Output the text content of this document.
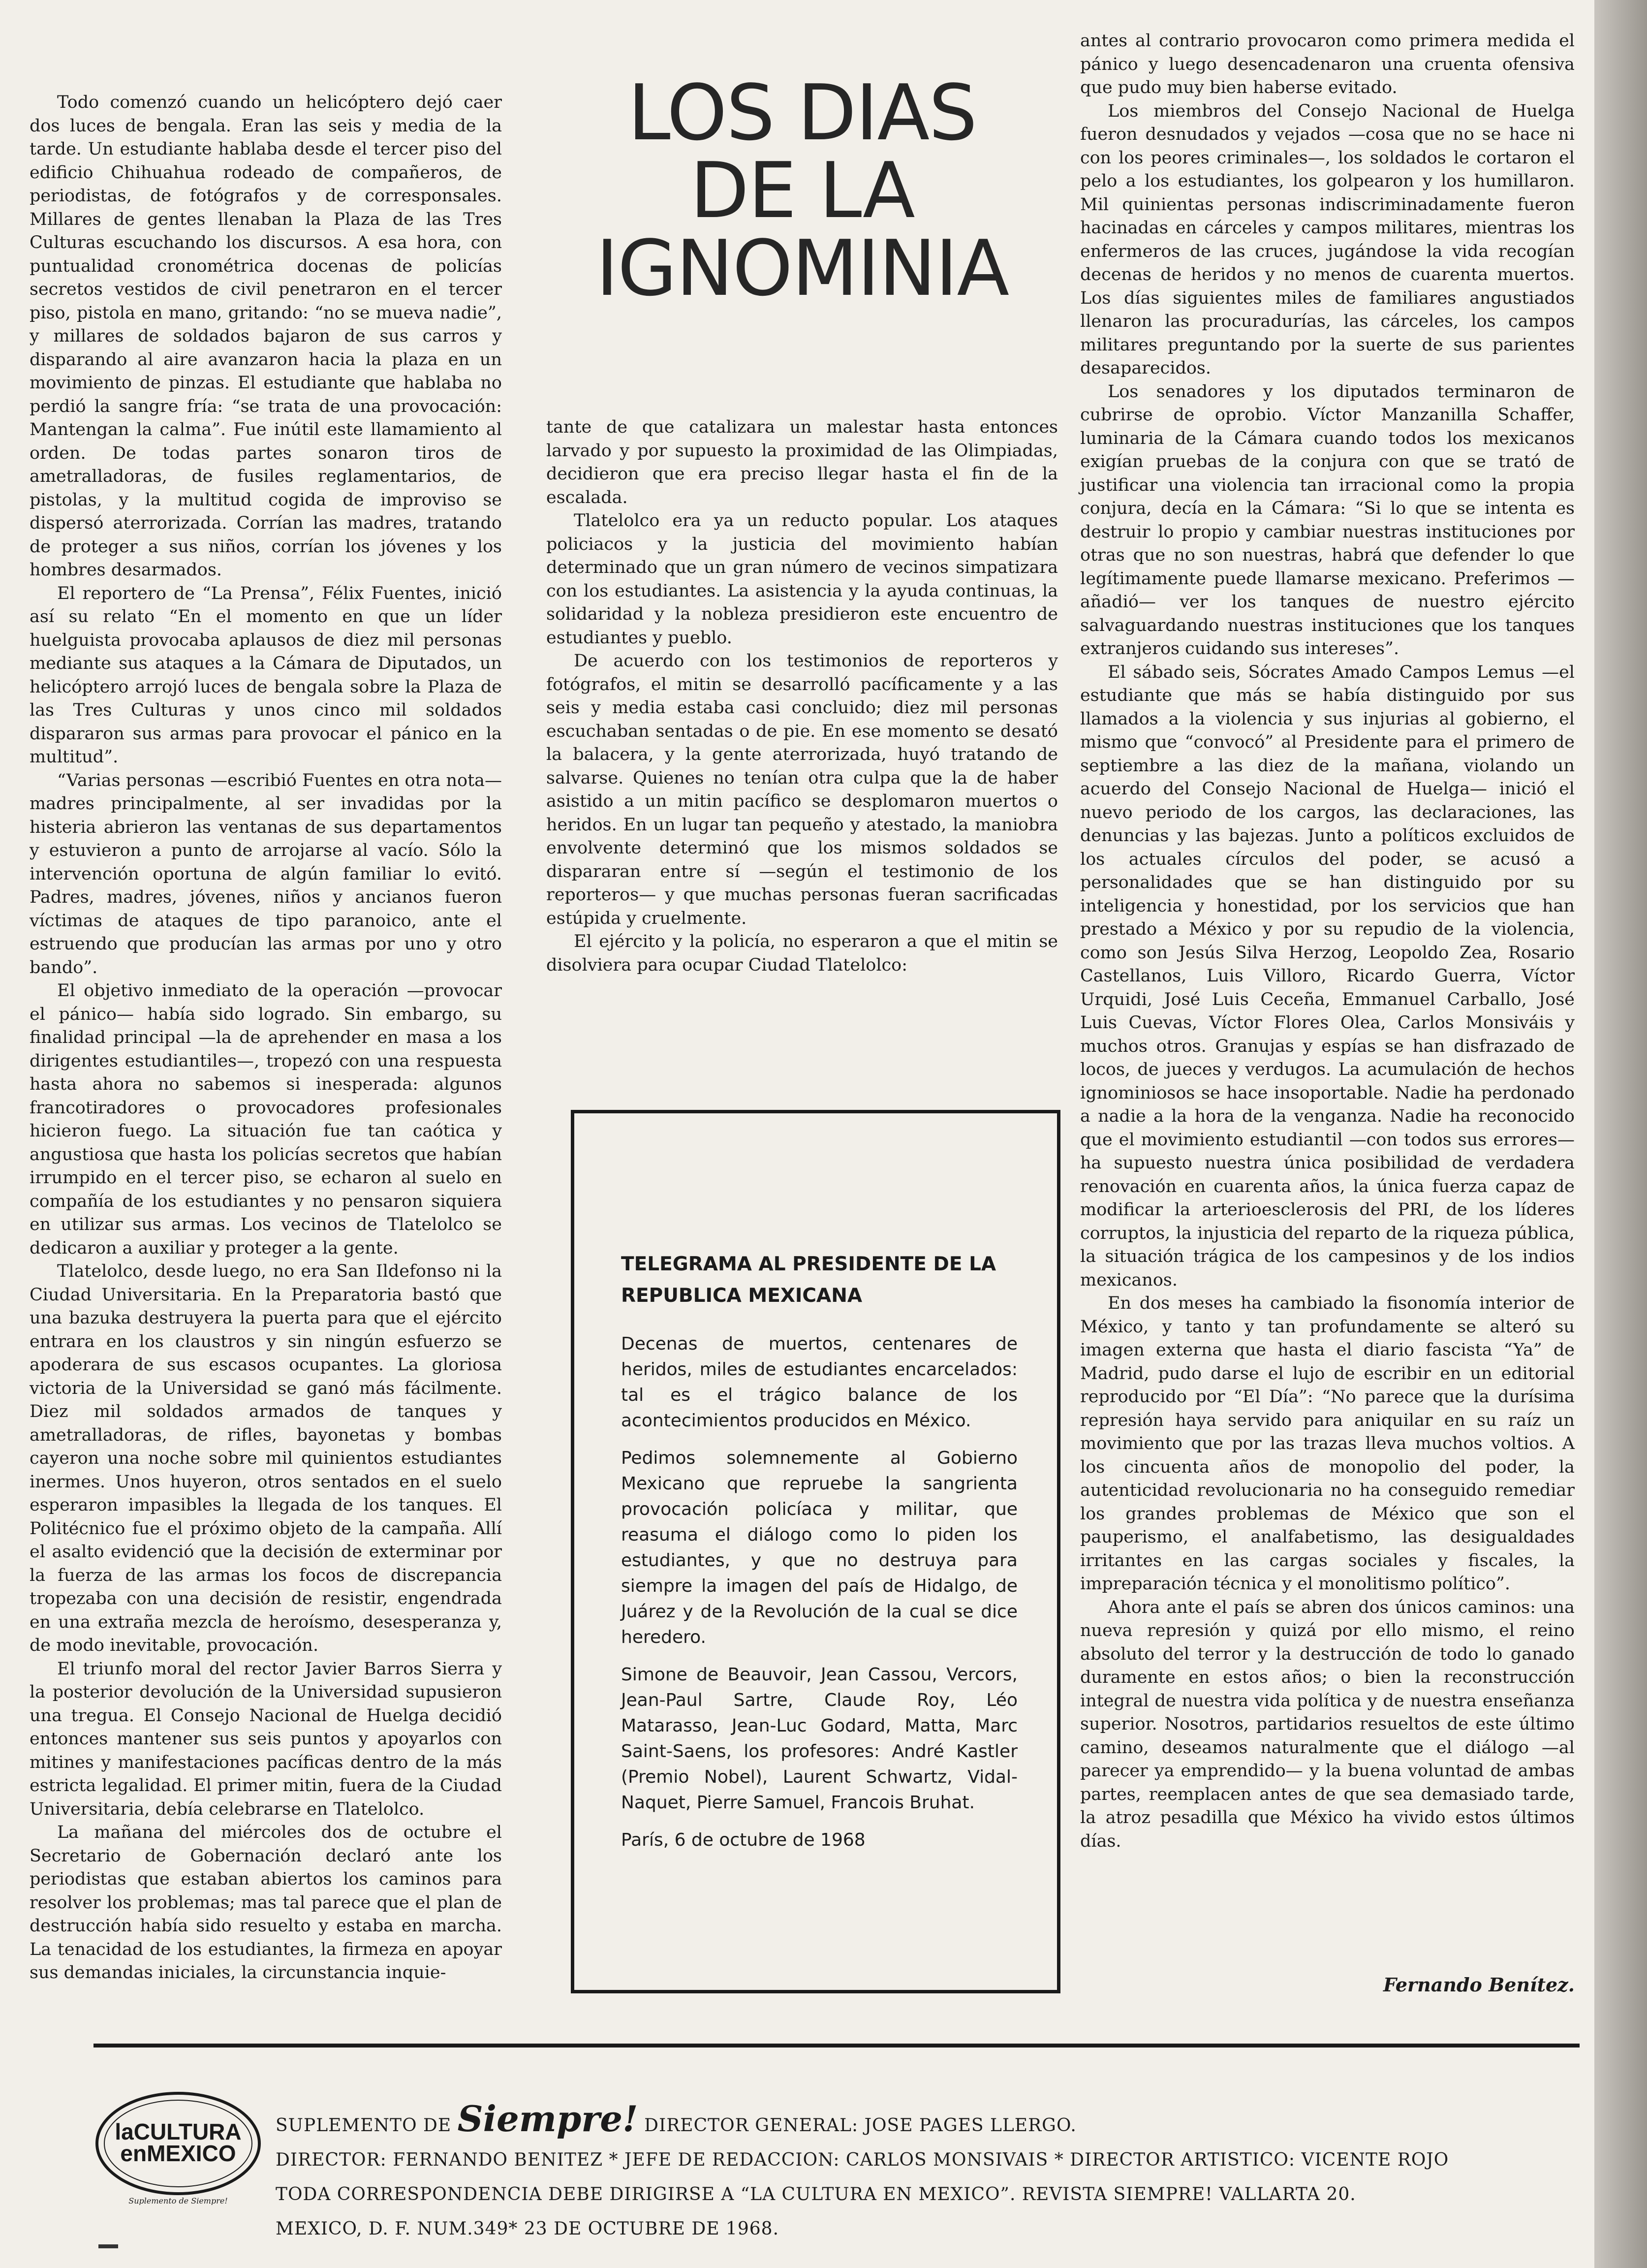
LOS DIAS
DE LA
IGNOMINIA

Todo comenzó cuando un helicóptero dejó caer dos luces de bengala. Eran las seis y media de la tarde. Un estudiante hablaba desde el tercer piso del edificio Chihuahua rodeado de compañeros, de periodistas, de fotógrafos y de corresponsales. Millares de gentes llenaban la Plaza de las Tres Culturas escuchando los discursos. A esa hora, con puntualidad cronométrica docenas de policías secretos vestidos de civil penetraron en el tercer piso, pistola en mano, gritando: “no se mueva nadie”, y millares de soldados bajaron de sus carros y disparando al aire avanzaron hacia la plaza en un movimiento de pinzas. El estudiante que hablaba no perdió la sangre fría: “se trata de una provocación: Mantengan la calma”. Fue inútil este llamamiento al orden. De todas partes sonaron tiros de ametralladoras, de fusiles reglamentarios, de pistolas, y la multitud cogida de improviso se dispersó aterrorizada. Corrían las madres, tratando de proteger a sus niños, corrían los jóvenes y los hombres desarmados.

El reportero de “La Prensa”, Félix Fuentes, inició así su relato “En el momento en que un líder huelguista provocaba aplausos de diez mil personas mediante sus ataques a la Cámara de Diputados, un helicóptero arrojó luces de bengala sobre la Plaza de las Tres Culturas y unos cinco mil soldados dispararon sus armas para provocar el pánico en la multitud”.

“Varias personas —escribió Fuentes en otra nota— madres principalmente, al ser invadidas por la histeria abrieron las ventanas de sus departamentos y estuvieron a punto de arrojarse al vacío. Sólo la intervención oportuna de algún familiar lo evitó. Padres, madres, jóvenes, niños y ancianos fueron víctimas de ataques de tipo paranoico, ante el estruendo que producían las armas por uno y otro bando”.

El objetivo inmediato de la operación —provocar el pánico— había sido logrado. Sin embargo, su finalidad principal —la de aprehender en masa a los dirigentes estudiantiles—, tropezó con una respuesta hasta ahora no sabemos si inesperada: algunos francotiradores o provocadores profesionales hicieron fuego. La situación fue tan caótica y angustiosa que hasta los policías secretos que habían irrumpido en el tercer piso, se echaron al suelo en compañía de los estudiantes y no pensaron siquiera en utilizar sus armas. Los vecinos de Tlatelolco se dedicaron a auxiliar y proteger a la gente.

Tlatelolco, desde luego, no era San Ildefonso ni la Ciudad Universitaria. En la Preparatoria bastó que una bazuka destruyera la puerta para que el ejército entrara en los claustros y sin ningún esfuerzo se apoderara de sus escasos ocupantes. La gloriosa victoria de la Universidad se ganó más fácilmente. Diez mil soldados armados de tanques y ametralladoras, de rifles, bayonetas y bombas cayeron una noche sobre mil quinientos estudiantes inermes. Unos huyeron, otros sentados en el suelo esperaron impasibles la llegada de los tanques. El Politécnico fue el próximo objeto de la campaña. Allí el asalto evidenció que la decisión de exterminar por la fuerza de las armas los focos de discrepancia tropezaba con una decisión de resistir, engendrada en una extraña mezcla de heroísmo, desesperanza y, de modo inevitable, provocación.

El triunfo moral del rector Javier Barros Sierra y la posterior devolución de la Universidad supusieron una tregua. El Consejo Nacional de Huelga decidió entonces mantener sus seis puntos y apoyarlos con mitines y manifestaciones pacíficas dentro de la más estricta legalidad. El primer mitin, fuera de la Ciudad Universitaria, debía celebrarse en Tlatelolco.

La mañana del miércoles dos de octubre el Secretario de Gobernación declaró ante los periodistas que estaban abiertos los caminos para resolver los problemas; mas tal parece que el plan de destrucción había sido resuelto y estaba en marcha. La tenacidad de los estudiantes, la firmeza en apoyar sus demandas iniciales, la circunstancia inquie-

tante de que catalizara un malestar hasta entonces larvado y por supuesto la proximidad de las Olimpiadas, decidieron que era preciso llegar hasta el fin de la escalada.

Tlatelolco era ya un reducto popular. Los ataques policiacos y la justicia del movimiento habían determinado que un gran número de vecinos simpatizara con los estudiantes. La asistencia y la ayuda continuas, la solidaridad y la nobleza presidieron este encuentro de estudiantes y pueblo.

De acuerdo con los testimonios de reporteros y fotógrafos, el mitin se desarrolló pacíficamente y a las seis y media estaba casi concluido; diez mil personas escuchaban sentadas o de pie. En ese momento se desató la balacera, y la gente aterrorizada, huyó tratando de salvarse. Quienes no tenían otra culpa que la de haber asistido a un mitin pacífico se desplomaron muertos o heridos. En un lugar tan pequeño y atestado, la maniobra envolvente determinó que los mismos soldados se dispararan entre sí —según el testimonio de los reporteros— y que muchas personas fueran sacrificadas estúpida y cruelmente.

El ejército y la policía, no esperaron a que el mitin se disolviera para ocupar Ciudad Tlatelolco:

TELEGRAMA AL PRESIDENTE DE LA REPUBLICA MEXICANA

Decenas de muertos, centenares de heridos, miles de estudiantes encarcelados: tal es el trágico balance de los acontecimientos producidos en México.

Pedimos solemnemente al Gobierno Mexicano que repruebe la sangrienta provocación policíaca y militar, que reasuma el diálogo como lo piden los estudiantes, y que no destruya para siempre la imagen del país de Hidalgo, de Juárez y de la Revolución de la cual se dice heredero.

Simone de Beauvoir, Jean Cassou, Vercors, Jean-Paul Sartre, Claude Roy, Léo Matarasso, Jean-Luc Godard, Matta, Marc Saint-Saens, los profesores: André Kastler (Premio Nobel), Laurent Schwartz, Vidal-Naquet, Pierre Samuel, Francois Bruhat.

París, 6 de octubre de 1968

antes al contrario provocaron como primera medida el pánico y luego desencadenaron una cruenta ofensiva que pudo muy bien haberse evitado.

Los miembros del Consejo Nacional de Huelga fueron desnudados y vejados —cosa que no se hace ni con los peores criminales—, los soldados le cortaron el pelo a los estudiantes, los golpearon y los humillaron. Mil quinientas personas indiscriminadamente fueron hacinadas en cárceles y campos militares, mientras los enfermeros de las cruces, jugándose la vida recogían decenas de heridos y no menos de cuarenta muertos. Los días siguientes miles de familiares angustiados llenaron las procuradurías, las cárceles, los campos militares preguntando por la suerte de sus parientes desaparecidos.

Los senadores y los diputados terminaron de cubrirse de oprobio. Víctor Manzanilla Schaffer, luminaria de la Cámara cuando todos los mexicanos exigían pruebas de la conjura con que se trató de justificar una violencia tan irracional como la propia conjura, decía en la Cámara: “Si lo que se intenta es destruir lo propio y cambiar nuestras instituciones por otras que no son nuestras, habrá que defender lo que legítimamente puede llamarse mexicano. Preferimos —añadió— ver los tanques de nuestro ejército salvaguardando nuestras instituciones que los tanques extranjeros cuidando sus intereses”.

El sábado seis, Sócrates Amado Campos Lemus —el estudiante que más se había distinguido por sus llamados a la violencia y sus injurias al gobierno, el mismo que “convocó” al Presidente para el primero de septiembre a las diez de la mañana, violando un acuerdo del Consejo Nacional de Huelga— inició el nuevo periodo de los cargos, las declaraciones, las denuncias y las bajezas. Junto a políticos excluidos de los actuales círculos del poder, se acusó a personalidades que se han distinguido por su inteligencia y honestidad, por los servicios que han prestado a México y por su repudio de la violencia, como son Jesús Silva Herzog, Leopoldo Zea, Rosario Castellanos, Luis Villoro, Ricardo Guerra, Víctor Urquidi, José Luis Ceceña, Emmanuel Carballo, José Luis Cuevas, Víctor Flores Olea, Carlos Monsiváis y muchos otros. Granujas y espías se han disfrazado de locos, de jueces y verdugos. La acumulación de hechos ignominiosos se hace insoportable. Nadie ha perdonado a nadie a la hora de la venganza. Nadie ha reconocido que el movimiento estudiantil —con todos sus errores— ha supuesto nuestra única posibilidad de verdadera renovación en cuarenta años, la única fuerza capaz de modificar la arterioesclerosis del PRI, de los líderes corruptos, la injusticia del reparto de la riqueza pública, la situación trágica de los campesinos y de los indios mexicanos.

En dos meses ha cambiado la fisonomía interior de México, y tanto y tan profundamente se alteró su imagen externa que hasta el diario fascista “Ya” de Madrid, pudo darse el lujo de escribir en un editorial reproducido por “El Día”: “No parece que la durísima represión haya servido para aniquilar en su raíz un movimiento que por las trazas lleva muchos voltios. A los cincuenta años de monopolio del poder, la autenticidad revolucionaria no ha conseguido remediar los grandes problemas de México que son el pauperismo, el analfabetismo, las desigualdades irritantes en las cargas sociales y fiscales, la impreparación técnica y el monolitismo político”.

Ahora ante el país se abren dos únicos caminos: una nueva represión y quizá por ello mismo, el reino absoluto del terror y la destrucción de todo lo ganado duramente en estos años; o bien la reconstrucción integral de nuestra vida política y de nuestra enseñanza superior. Nosotros, partidarios resueltos de este último camino, deseamos naturalmente que el diálogo —al parecer ya emprendido— y la buena voluntad de ambas partes, reemplacen antes de que sea demasiado tarde, la atroz pesadilla que México ha vivido estos últimos días.

Fernando Benítez.
laCULTURA
enMEXICO
Suplemento de Siempre!
SUPLEMENTO DE Siempre! DIRECTOR GENERAL: JOSE PAGES LLERGO.
DIRECTOR: FERNANDO BENITEZ * JEFE DE REDACCION: CARLOS MONSIVAIS * DIRECTOR ARTISTICO: VICENTE ROJO
TODA CORRESPONDENCIA DEBE DIRIGIRSE A “LA CULTURA EN MEXICO”. REVISTA SIEMPRE! VALLARTA 20.
MEXICO, D. F. NUM.349* 23 DE OCTUBRE DE 1968.
